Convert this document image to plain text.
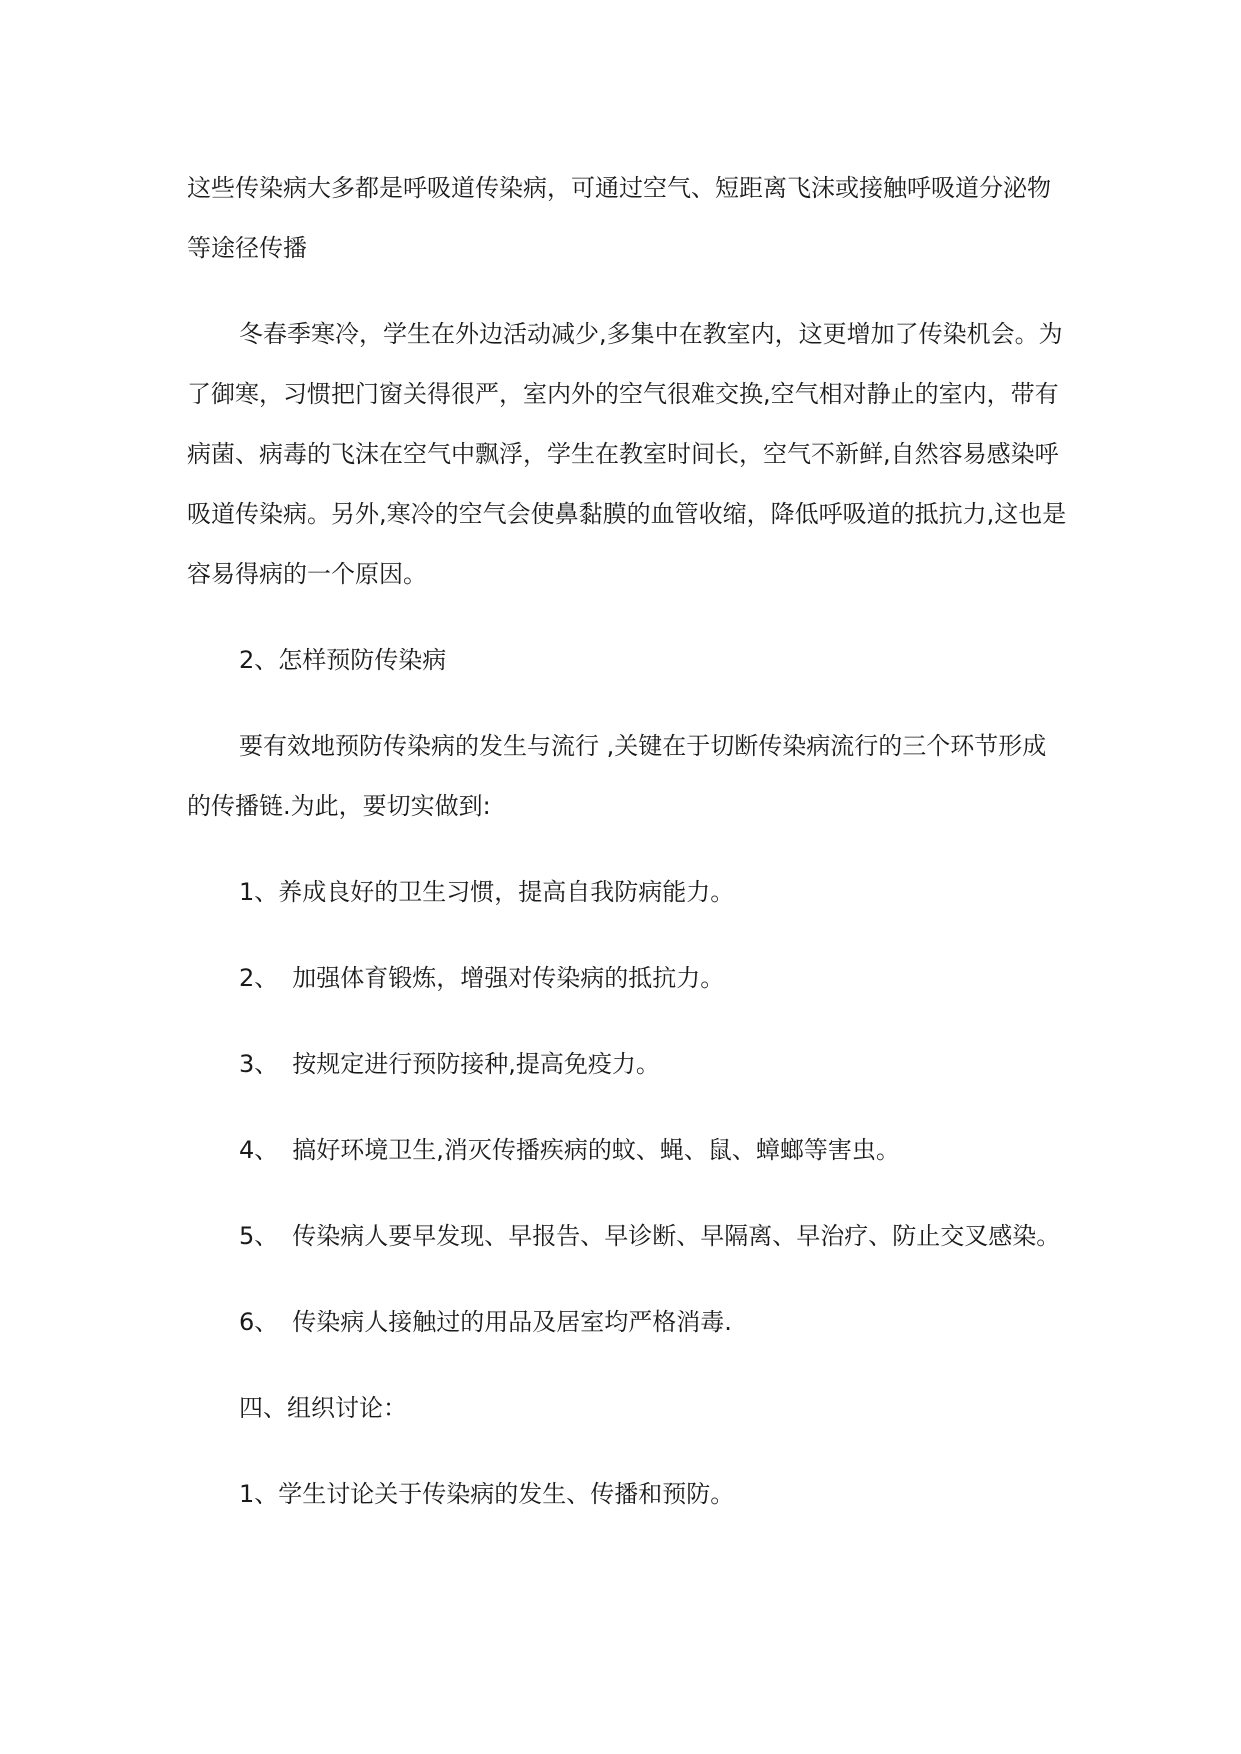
这些传染病大多都是呼吸道传染病，可通过空气、短距离飞沫或接触呼吸道分泌物等途径传播

冬春季寒冷，学生在外边活动减少,多集中在教室内，这更增加了传染机会。为了御寒，习惯把门窗关得很严，室内外的空气很难交换,空气相对静止的室内，带有病菌、病毒的飞沫在空气中飘浮，学生在教室时间长，空气不新鲜,自然容易感染呼吸道传染病。另外,寒冷的空气会使鼻黏膜的血管收缩，降低呼吸道的抵抗力,这也是容易得病的一个原因。

2、怎样预防传染病

要有效地预防传染病的发生与流行 ,关键在于切断传染病流行的三个环节形成的传播链.为此，要切实做到:

1、养成良好的卫生习惯，提高自我防病能力。

2、 加强体育锻炼，增强对传染病的抵抗力。

3、 按规定进行预防接种,提高免疫力。

4、 搞好环境卫生,消灭传播疾病的蚊、蝇、鼠、蟑螂等害虫。

5、 传染病人要早发现、早报告、早诊断、早隔离、早治疗、防止交叉感染。

6、 传染病人接触过的用品及居室均严格消毒.

四、组织讨论：

1、学生讨论关于传染病的发生、传播和预防。
